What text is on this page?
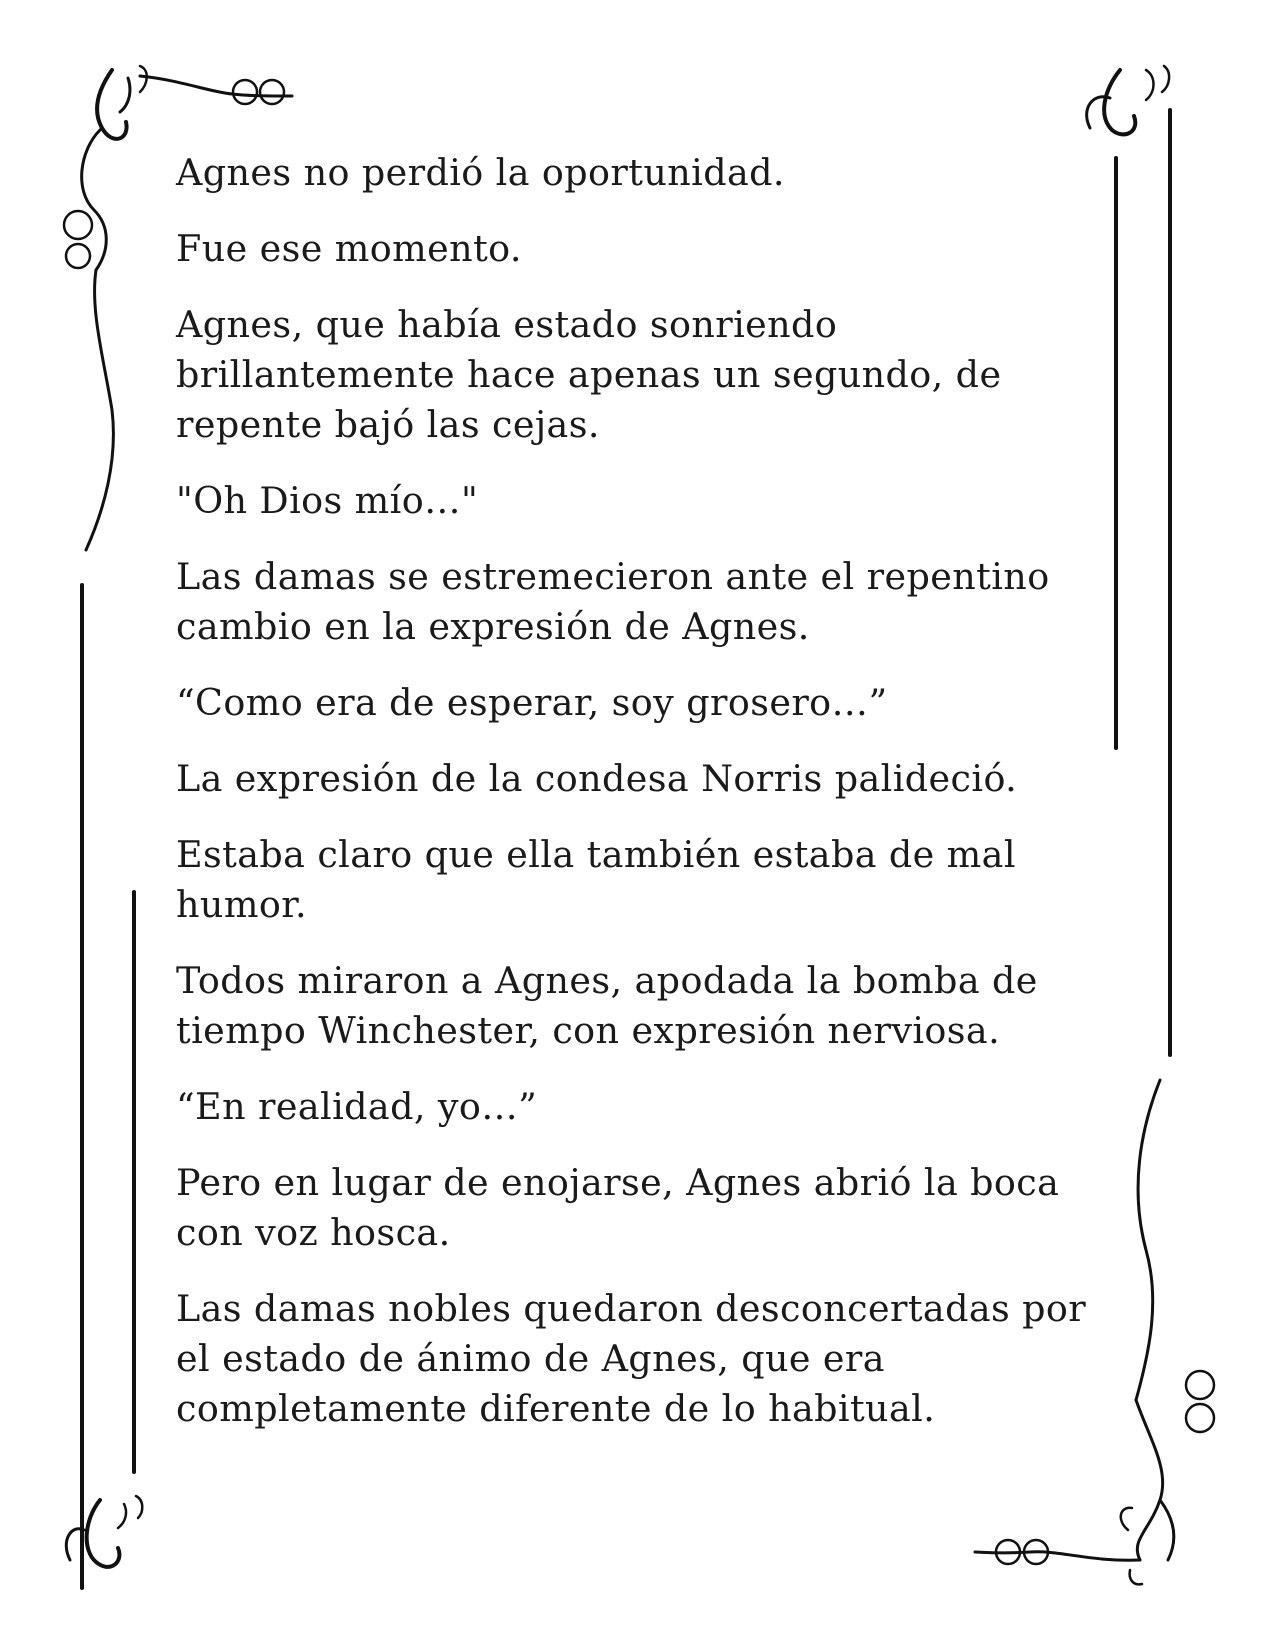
Agnes no perdió la oportunidad.

Fue ese momento.

Agnes, que había estado sonriendo brillantemente hace apenas un segundo, de repente bajó las cejas.

"Oh Dios mío…"

Las damas se estremecieron ante el repentino cambio en la expresión de Agnes.

“Como era de esperar, soy grosero…”

La expresión de la condesa Norris palideció.

Estaba claro que ella también estaba de mal humor.

Todos miraron a Agnes, apodada la bomba de tiempo Winchester, con expresión nerviosa.

“En realidad, yo…”

Pero en lugar de enojarse, Agnes abrió la boca con voz hosca.

Las damas nobles quedaron desconcertadas por el estado de ánimo de Agnes, que era completamente diferente de lo habitual.
